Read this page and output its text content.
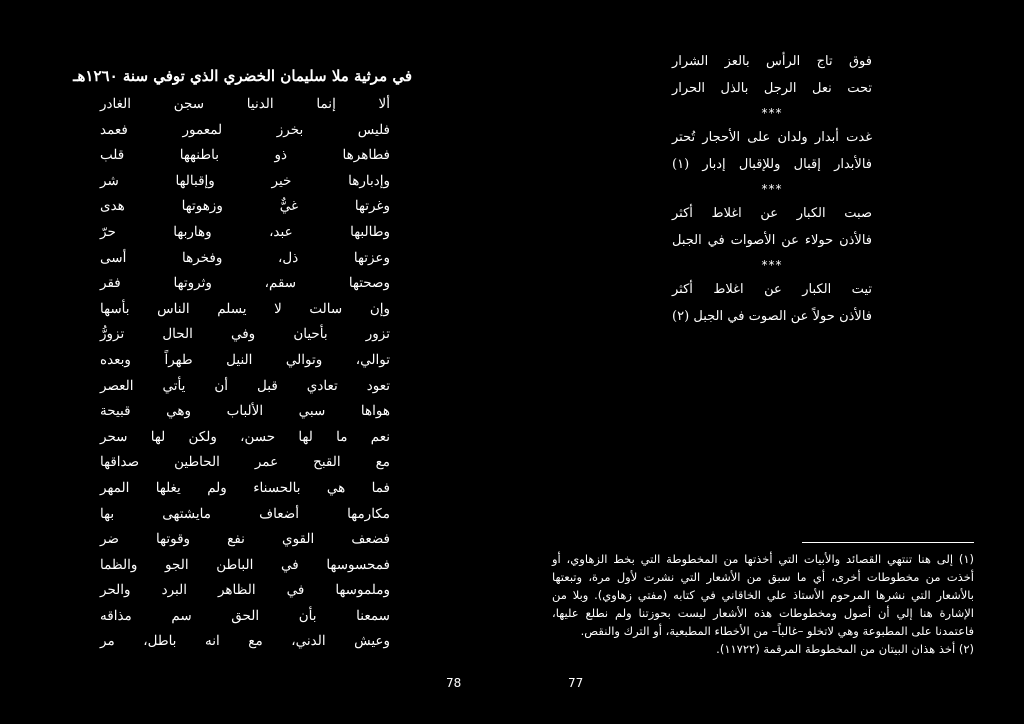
في مرثية ملا سليمان الخضري الذي توفي سنة ١٢٦٠هـ
ألا إنما الدنيا سجن الغادر
فليس بخرز لمعمور فعمد
فطاهرها ذو باطنهها قلب
وإدبارها خير وإقبالها شر
وغرتها غيٌّ وزهوتها هدى
وطالبها عبد، وهاربها حرّ
وعزتها ذل، وفخرها أسى
وصحتها سقم، وثروتها فقر
وإن سالت لا يسلم الناس بأسها
تزور بأحيان وفي الحال تزورُّ
توالي، وتوالي النيل طهراً وبعده
تعود تعادي قبل أن يأتي العصر
هواها سبي الألباب وهي قبيحة
نعم ما لها حسن، ولكن لها سحر
مع القبح عمر الحاطين صداقها
فما هي بالحسناء ولم يغلها المهر
مكارمها أضعاف مايشتهى بها
فضعف القوي نفع وقوتها ضر
فمحسوسها في الباطن الجو والظما
وملموسها في الظاهر البرد والحر
سمعنا بأن الحق سم مذاقه
وعيش الدني، مع انه باطل، مر
78
فوق تاج الرأس بالعز الشرار
تحت نعل الرجل بالذل الحرار
***
غدت أبدار ولدان على الأحجار تُحتر
فالأبدار إقبال وللإقبال إدبار (١)
***
صبت الكبار عن اغلاط أكثر
فالأذن حولاء عن الأصوات في الجبل
***
تيت الكبار عن اغلاط أكثر
فالأذن حولاً عن الصوت في الجبل (٢)

(١) إلى هنا تنتهي القصائد والأبيات التي أخذتها من المخطوطة التي بخط الزهاوي، أو أخذت من مخطوطات أخرى، أي ما سبق من الأشعار التي نشرت لأول مرة، وتبعتها بالأشعار التي نشرها المرحوم الأستاذ علي الخاقاني في كتابه (مفتي زهاوي). وبلا من الإشارة هنا إلي أن أصول ومخطوطات هذه الأشعار ليست بحوزتنا ولم نطلع عليها، فاعتمدنا على المطبوعة وهي لاتخلو –غالباً– من الأخطاء المطبعية، أو الترك والنقص.

(٢) أخذ هذان البيتان من المخطوطة المرقمة (١١٧٢٢).

77
